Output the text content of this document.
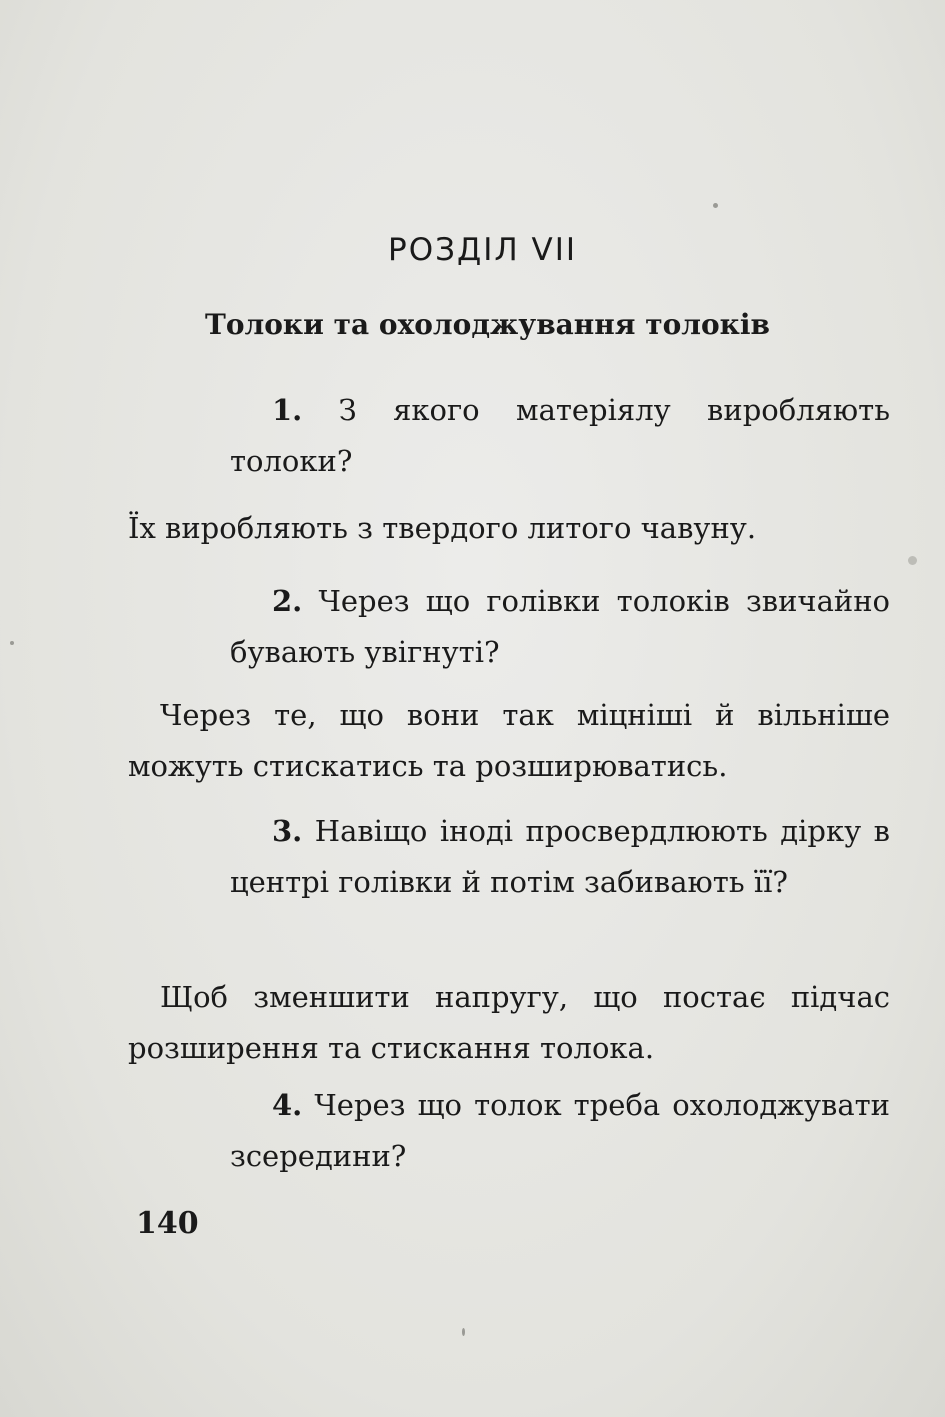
РОЗДІЛ VII
Толоки та охолоджування толоків
1. З якого матеріялу виробляють толоки?
Їх виробляють з твердого литого чавуну.
2. Через що голівки толоків звичайно бувають увігнуті?
Через те, що вони так міцніші й вільніше можуть стискатись та розширюватись.
3. Навіщо іноді просвердлюють дірку в центрі голівки й потім забивають її?
Щоб зменшити напругу, що постає підчас розширення та стискання толока.
4. Через що толок треба охолоджувати зсередини?
140
